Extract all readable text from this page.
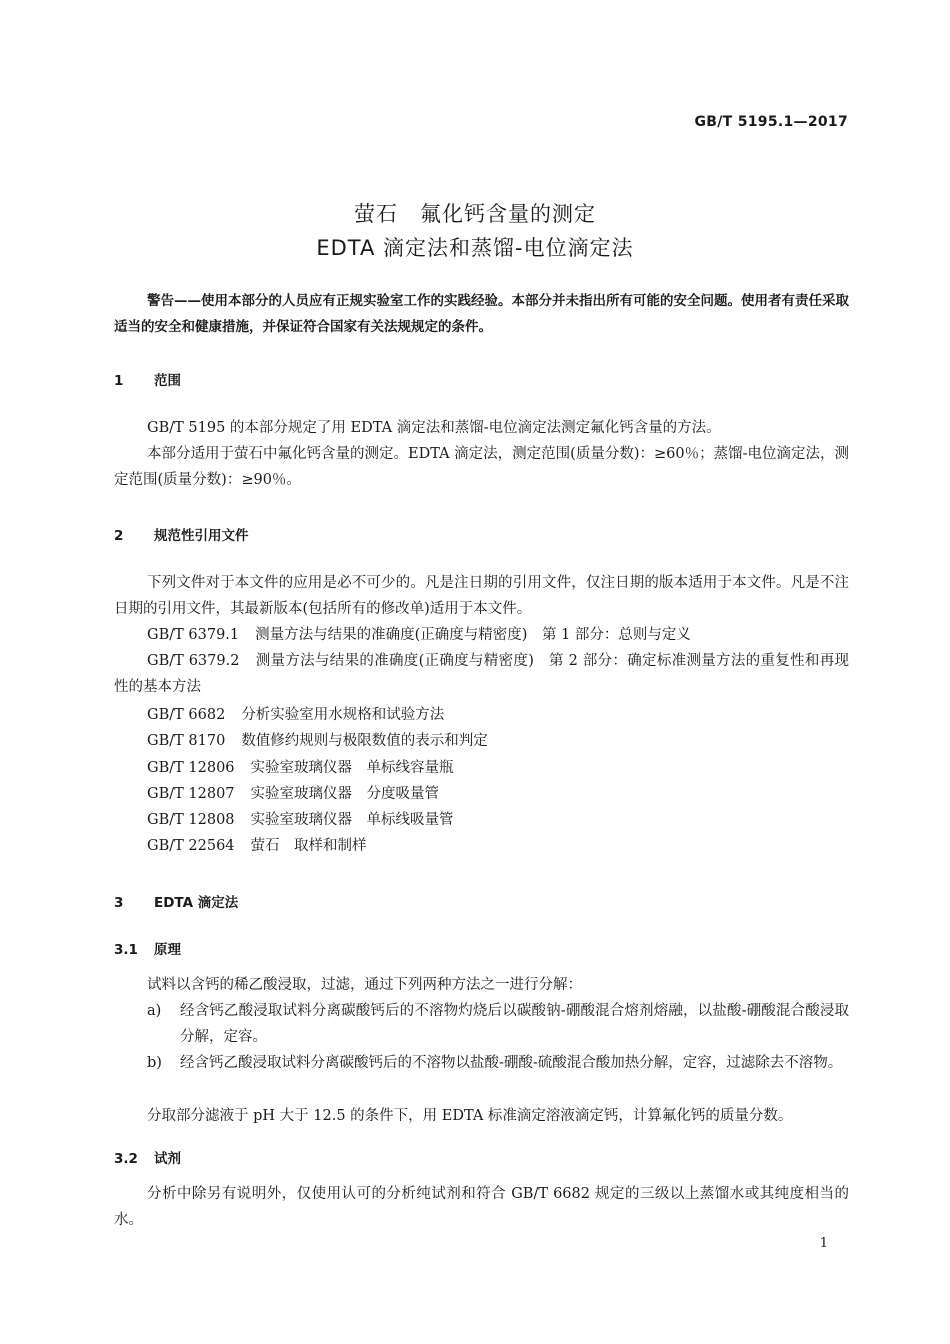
GB/T 5195.1—2017
萤石　氟化钙含量的测定
EDTA 滴定法和蒸馏-电位滴定法
警告——使用本部分的人员应有正规实验室工作的实践经验。本部分并未指出所有可能的安全问题。使用者有责任采取适当的安全和健康措施，并保证符合国家有关法规规定的条件。
1 范围
GB/T 5195 的本部分规定了用 EDTA 滴定法和蒸馏-电位滴定法测定氟化钙含量的方法。
本部分适用于萤石中氟化钙含量的测定。EDTA 滴定法，测定范围(质量分数)：≥60％；蒸馏-电位滴定法，测定范围(质量分数)：≥90％。
2 规范性引用文件
下列文件对于本文件的应用是必不可少的。凡是注日期的引用文件，仅注日期的版本适用于本文件。凡是不注日期的引用文件，其最新版本(包括所有的修改单)适用于本文件。
GB/T 6379.1 测量方法与结果的准确度(正确度与精密度)　第 1 部分：总则与定义
GB/T 6379.2 测量方法与结果的准确度(正确度与精密度)　第 2 部分：确定标准测量方法的重复性和再现性的基本方法
GB/T 6682 分析实验室用水规格和试验方法
GB/T 8170 数值修约规则与极限数值的表示和判定
GB/T 12806 实验室玻璃仪器　单标线容量瓶
GB/T 12807 实验室玻璃仪器　分度吸量管
GB/T 12808 实验室玻璃仪器　单标线吸量管
GB/T 22564 萤石　取样和制样
3 EDTA 滴定法
3.1 原理
试料以含钙的稀乙酸浸取，过滤，通过下列两种方法之一进行分解：
a) 经含钙乙酸浸取试料分离碳酸钙后的不溶物灼烧后以碳酸钠-硼酸混合熔剂熔融，以盐酸-硼酸混合酸浸取分解，定容。
b) 经含钙乙酸浸取试料分离碳酸钙后的不溶物以盐酸-硼酸-硫酸混合酸加热分解，定容，过滤除去不溶物。
分取部分滤液于 pH 大于 12.5 的条件下，用 EDTA 标准滴定溶液滴定钙，计算氟化钙的质量分数。
3.2 试剂
分析中除另有说明外，仅使用认可的分析纯试剂和符合 GB/T 6682 规定的三级以上蒸馏水或其纯度相当的水。
1
